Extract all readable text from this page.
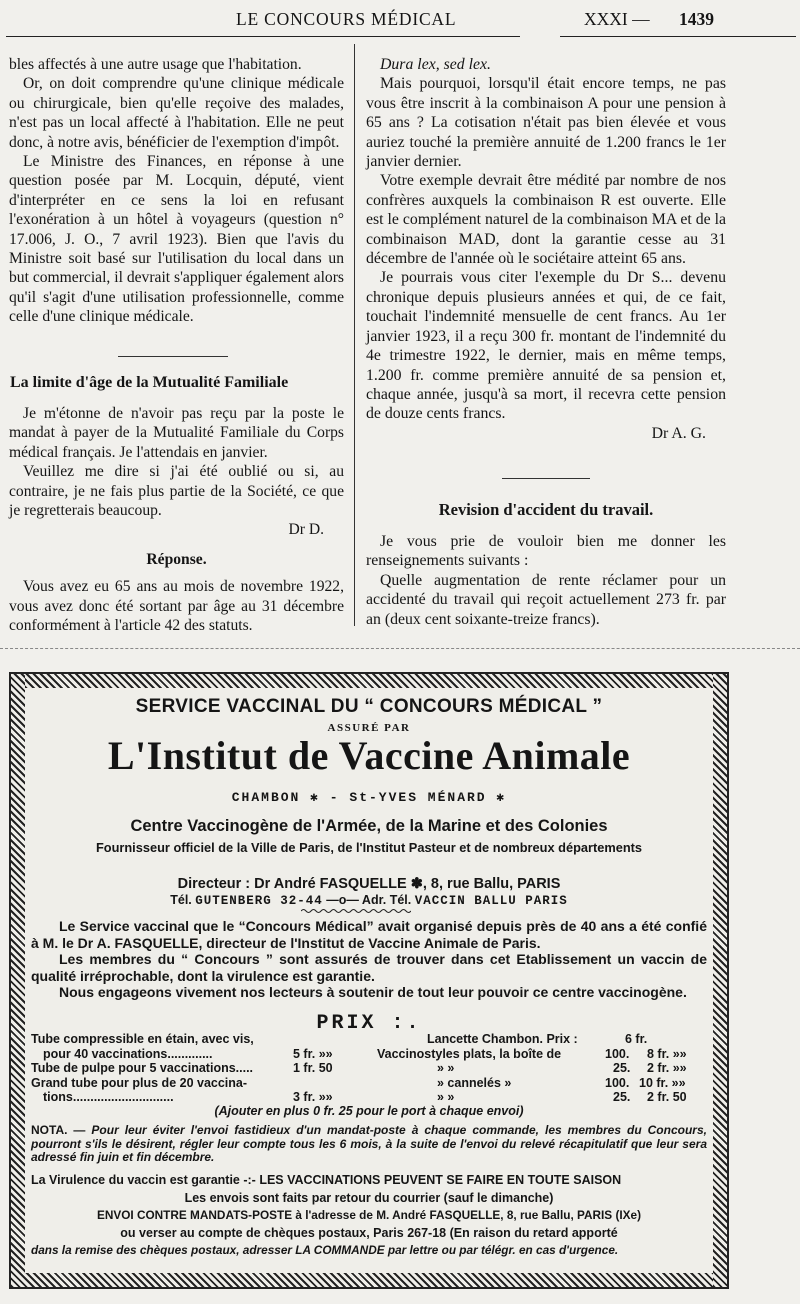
LE CONCOURS MÉDICAL	XXXI — 1439

bles affectés à une autre usage que l'habitation.

Or, on doit comprendre qu'une clinique médicale ou chirurgicale, bien qu'elle reçoive des malades, n'est pas un local affecté à l'habitation. Elle ne peut donc, à notre avis, bénéficier de l'exemption d'impôt.

Le Ministre des Finances, en réponse à une question posée par M. Locquin, député, vient d'interpréter en ce sens la loi en refusant l'exonération à un hôtel à voyageurs (question n° 17.006, J. O., 7 avril 1923). Bien que l'avis du Ministre soit basé sur l'utilisation du local dans un but commercial, il devrait s'appliquer également alors qu'il s'agit d'une utilisation professionnelle, comme celle d'une clinique médicale.

La limite d'âge de la Mutualité Familiale

Je m'étonne de n'avoir pas reçu par la poste le mandat à payer de la Mutualité Familiale du Corps médical français. Je l'attendais en janvier.

Veuillez me dire si j'ai été oublié ou si, au contraire, je ne fais plus partie de la Société, ce que je regretterais beaucoup.

Dr D.

Réponse.

Vous avez eu 65 ans au mois de novembre 1922, vous avez donc été sortant par âge au 31 décembre conformément à l'article 42 des statuts.

Dura lex, sed lex.

Mais pourquoi, lorsqu'il était encore temps, ne pas vous être inscrit à la combinaison A pour une pension à 65 ans ? La cotisation n'était pas bien élevée et vous auriez touché la première annuité de 1.200 francs le 1er janvier dernier.

Votre exemple devrait être médité par nombre de nos confrères auxquels la combinaison R est ouverte. Elle est le complément naturel de la combinaison MA et de la combinaison MAD, dont la garantie cesse au 31 décembre de l'année où le sociétaire atteint 65 ans.

Je pourrais vous citer l'exemple du Dr S... devenu chronique depuis plusieurs années et qui, de ce fait, touchait l'indemnité mensuelle de cent francs. Au 1er janvier 1923, il a reçu 300 fr. montant de l'indemnité du 4e trimestre 1922, le dernier, mais en même temps, 1.200 fr. comme première annuité de sa pension et, chaque année, jusqu'à sa mort, il recevra cette pension de douze cents francs.

Dr A. G.

Revision d'accident du travail.

Je vous prie de vouloir bien me donner les renseignements suivants :

Quelle augmentation de rente réclamer pour un accidenté du travail qui reçoit actuellement 273 fr. par an (deux cent soixante-treize francs).

SERVICE VACCINAL DU “ CONCOURS MÉDICAL ”
ASSURÉ PAR
L'Institut de Vaccine Animale
CHAMBON ✱ - St-YVES MÉNARD ✱
Centre Vaccinogène de l'Armée, de la Marine et des Colonies
Fournisseur officiel de la Ville de Paris, de l'Institut Pasteur et de nombreux départements
Directeur : Dr André FASQUELLE ✽, 8, rue Ballu, PARIS
Tél. GUTENBERG 32-44 —o— Adr. Tél. VACCIN BALLU PARIS
Le Service vaccinal que le “Concours Médical” avait organisé depuis près de 40 ans a été confié à M. le Dr A. FASQUELLE, directeur de l'Institut de Vaccine Animale de Paris.
Les membres du “ Concours ” sont assurés de trouver dans cet Etablissement un vaccin de qualité irréprochable, dont la virulence est garantie.
Nous engageons vivement nos lecteurs à soutenir de tout leur pouvoir ce centre vaccinogène.
PRIX :.
Tube compressible en étain, avec vis,
pour 40 vaccinations.............	5 fr. »»
Tube de pulpe pour 5 vaccinations.....	1 fr. 50
Grand tube pour plus de 20 vaccina-
tions.............................	3 fr. »»
Lancette Chambon. Prix :	6 fr.
Vaccinostyles plats, la boîte de	100. 8 fr. »»
» »	25. 2 fr. »»
» cannelés »	100. 10 fr. »»
» »	25. 2 fr. 50
(Ajouter en plus 0 fr. 25 pour le port à chaque envoi)
NOTA. — Pour leur éviter l'envoi fastidieux d'un mandat-poste à chaque commande, les membres du Concours, pourront s'ils le désirent, régler leur compte tous les 6 mois, à la suite de l'envoi du relevé récapitulatif que leur sera adressé fin juin et fin décembre.
La Virulence du vaccin est garantie -:- LES VACCINATIONS PEUVENT SE FAIRE EN TOUTE SAISON
Les envois sont faits par retour du courrier (sauf le dimanche)
ENVOI CONTRE MANDATS-POSTE à l'adresse de M. André FASQUELLE, 8, rue Ballu, PARIS (IXe)
ou verser au compte de chèques postaux, Paris 267-18 (En raison du retard apporté
dans la remise des chèques postaux, adresser LA COMMANDE par lettre ou par télégr. en cas d'urgence.
